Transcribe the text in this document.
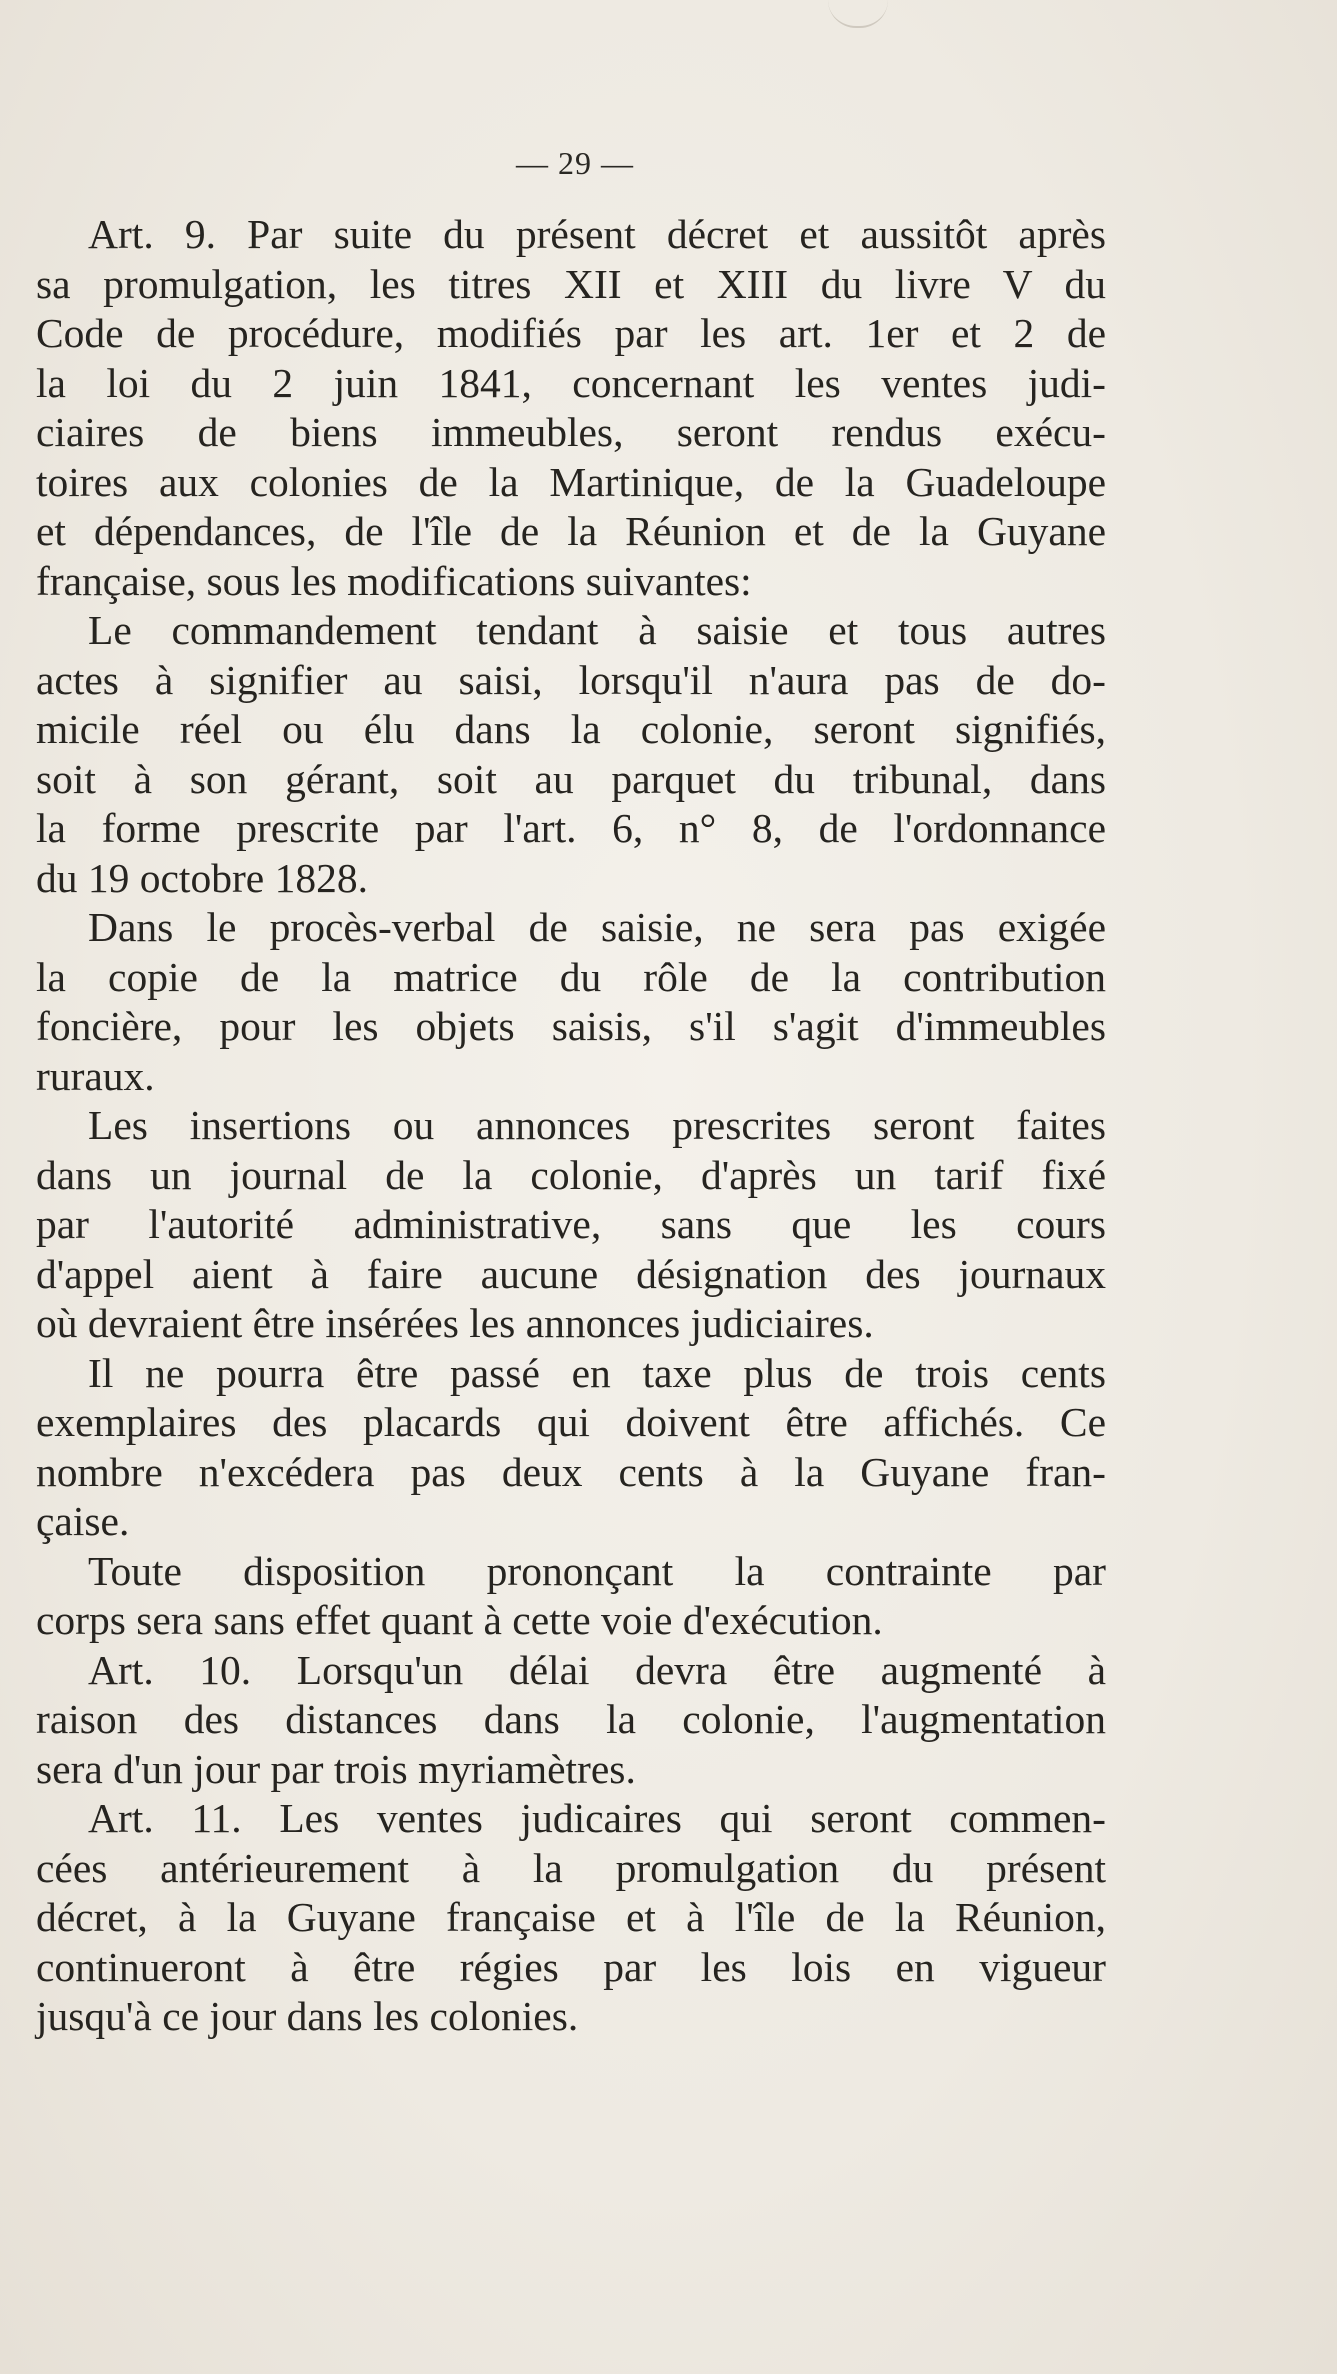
— 29 —

Art. 9. Par suite du présent décret et aussitôt après
sa promulgation, les titres XII et XIII du livre V du
Code de procédure, modifiés par les art. 1er et 2 de
la loi du 2 juin 1841, concernant les ventes judi-
ciaires de biens immeubles, seront rendus exécu-
toires aux colonies de la Martinique, de la Guadeloupe
et dépendances, de l'île de la Réunion et de la Guyane
française, sous les modifications suivantes:

Le commandement tendant à saisie et tous autres
actes à signifier au saisi, lorsqu'il n'aura pas de do-
micile réel ou élu dans la colonie, seront signifiés,
soit à son gérant, soit au parquet du tribunal, dans
la forme prescrite par l'art. 6, n° 8, de l'ordonnance
du 19 octobre 1828.

Dans le procès-verbal de saisie, ne sera pas exigée
la copie de la matrice du rôle de la contribution
foncière, pour les objets saisis, s'il s'agit d'immeubles
ruraux.

Les insertions ou annonces prescrites seront faites
dans un journal de la colonie, d'après un tarif fixé
par l'autorité administrative, sans que les cours
d'appel aient à faire aucune désignation des journaux
où devraient être insérées les annonces judiciaires.

Il ne pourra être passé en taxe plus de trois cents
exemplaires des placards qui doivent être affichés. Ce
nombre n'excédera pas deux cents à la Guyane fran-
çaise.

Toute disposition prononçant la contrainte par
corps sera sans effet quant à cette voie d'exécution.

Art. 10. Lorsqu'un délai devra être augmenté à
raison des distances dans la colonie, l'augmentation
sera d'un jour par trois myriamètres.

Art. 11. Les ventes judicaires qui seront commen-
cées antérieurement à la promulgation du présent
décret, à la Guyane française et à l'île de la Réunion,
continueront à être régies par les lois en vigueur
jusqu'à ce jour dans les colonies.
